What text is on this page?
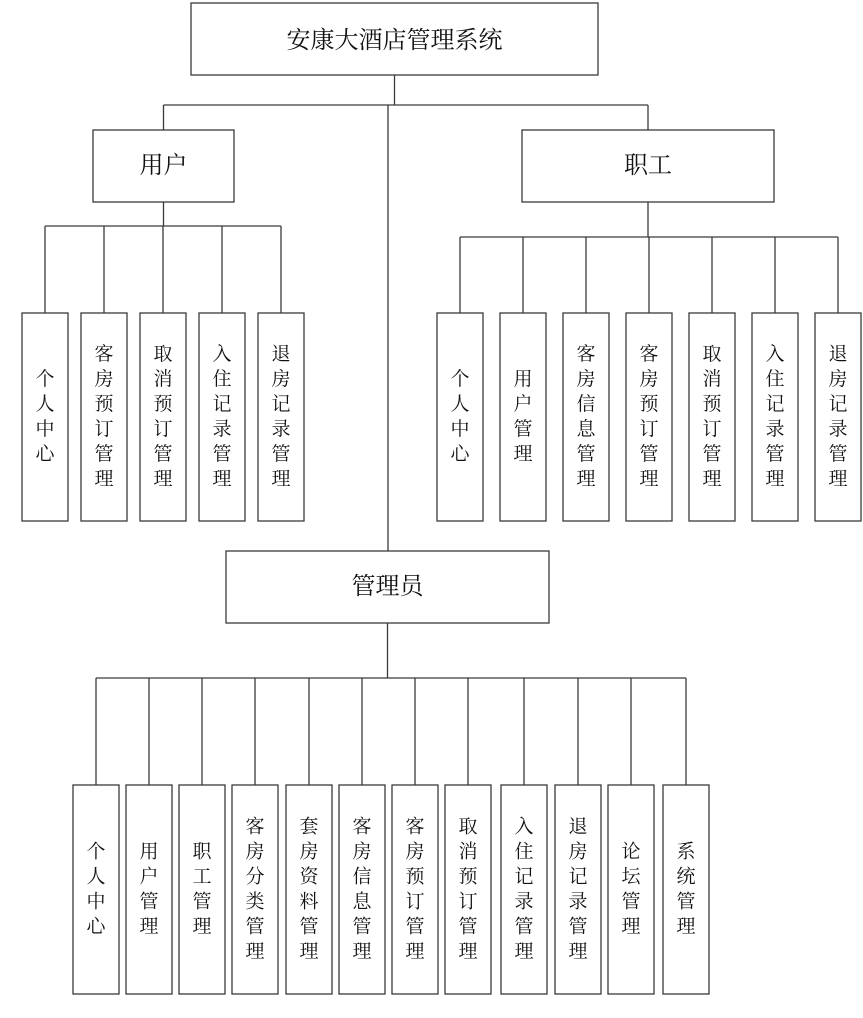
安康大酒店管理系统
用户	职工
管理员
个人中心
客房预订管理
取消预订管理
入住记录管理
退房记录管理
个人中心
用户管理
客房信息管理
客房预订管理
取消预订管理
入住记录管理
退房记录管理
个人中心
用户管理
职工管理
客房分类管理
套房资料管理
客房信息管理
客房预订管理
取消预订管理
入住记录管理
退房记录管理
论坛管理
系统管理
